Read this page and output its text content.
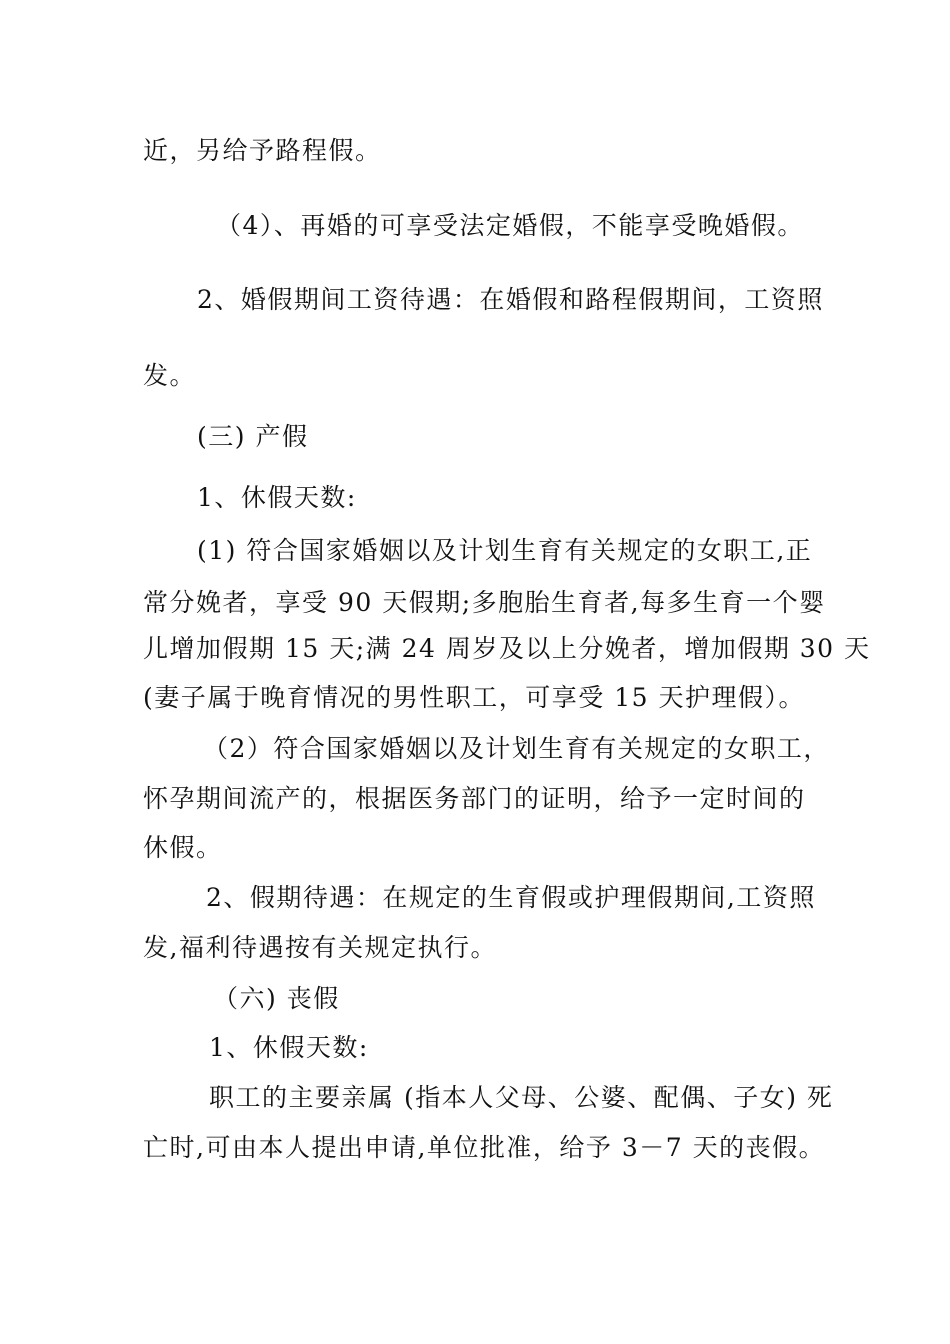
近，另给予路程假。
（4）、再婚的可享受法定婚假，不能享受晚婚假。
2、婚假期间工资待遇：在婚假和路程假期间，工资照
发。
(三) 产假
1、休假天数:
(1) 符合国家婚姻以及计划生育有关规定的女职工,正
常分娩者，享受 90 天假期;多胞胎生育者,每多生育一个婴
儿增加假期 15 天;满 24 周岁及以上分娩者，增加假期 30 天
(妻子属于晚育情况的男性职工，可享受 15 天护理假）。
（2）符合国家婚姻以及计划生育有关规定的女职工，
怀孕期间流产的，根据医务部门的证明，给予一定时间的
休假。
2、假期待遇：在规定的生育假或护理假期间,工资照
发,福利待遇按有关规定执行。
（六) 丧假
1、休假天数:
职工的主要亲属 (指本人父母、公婆、配偶、子女) 死
亡时,可由本人提出申请,单位批准，给予 3－7 天的丧假。
